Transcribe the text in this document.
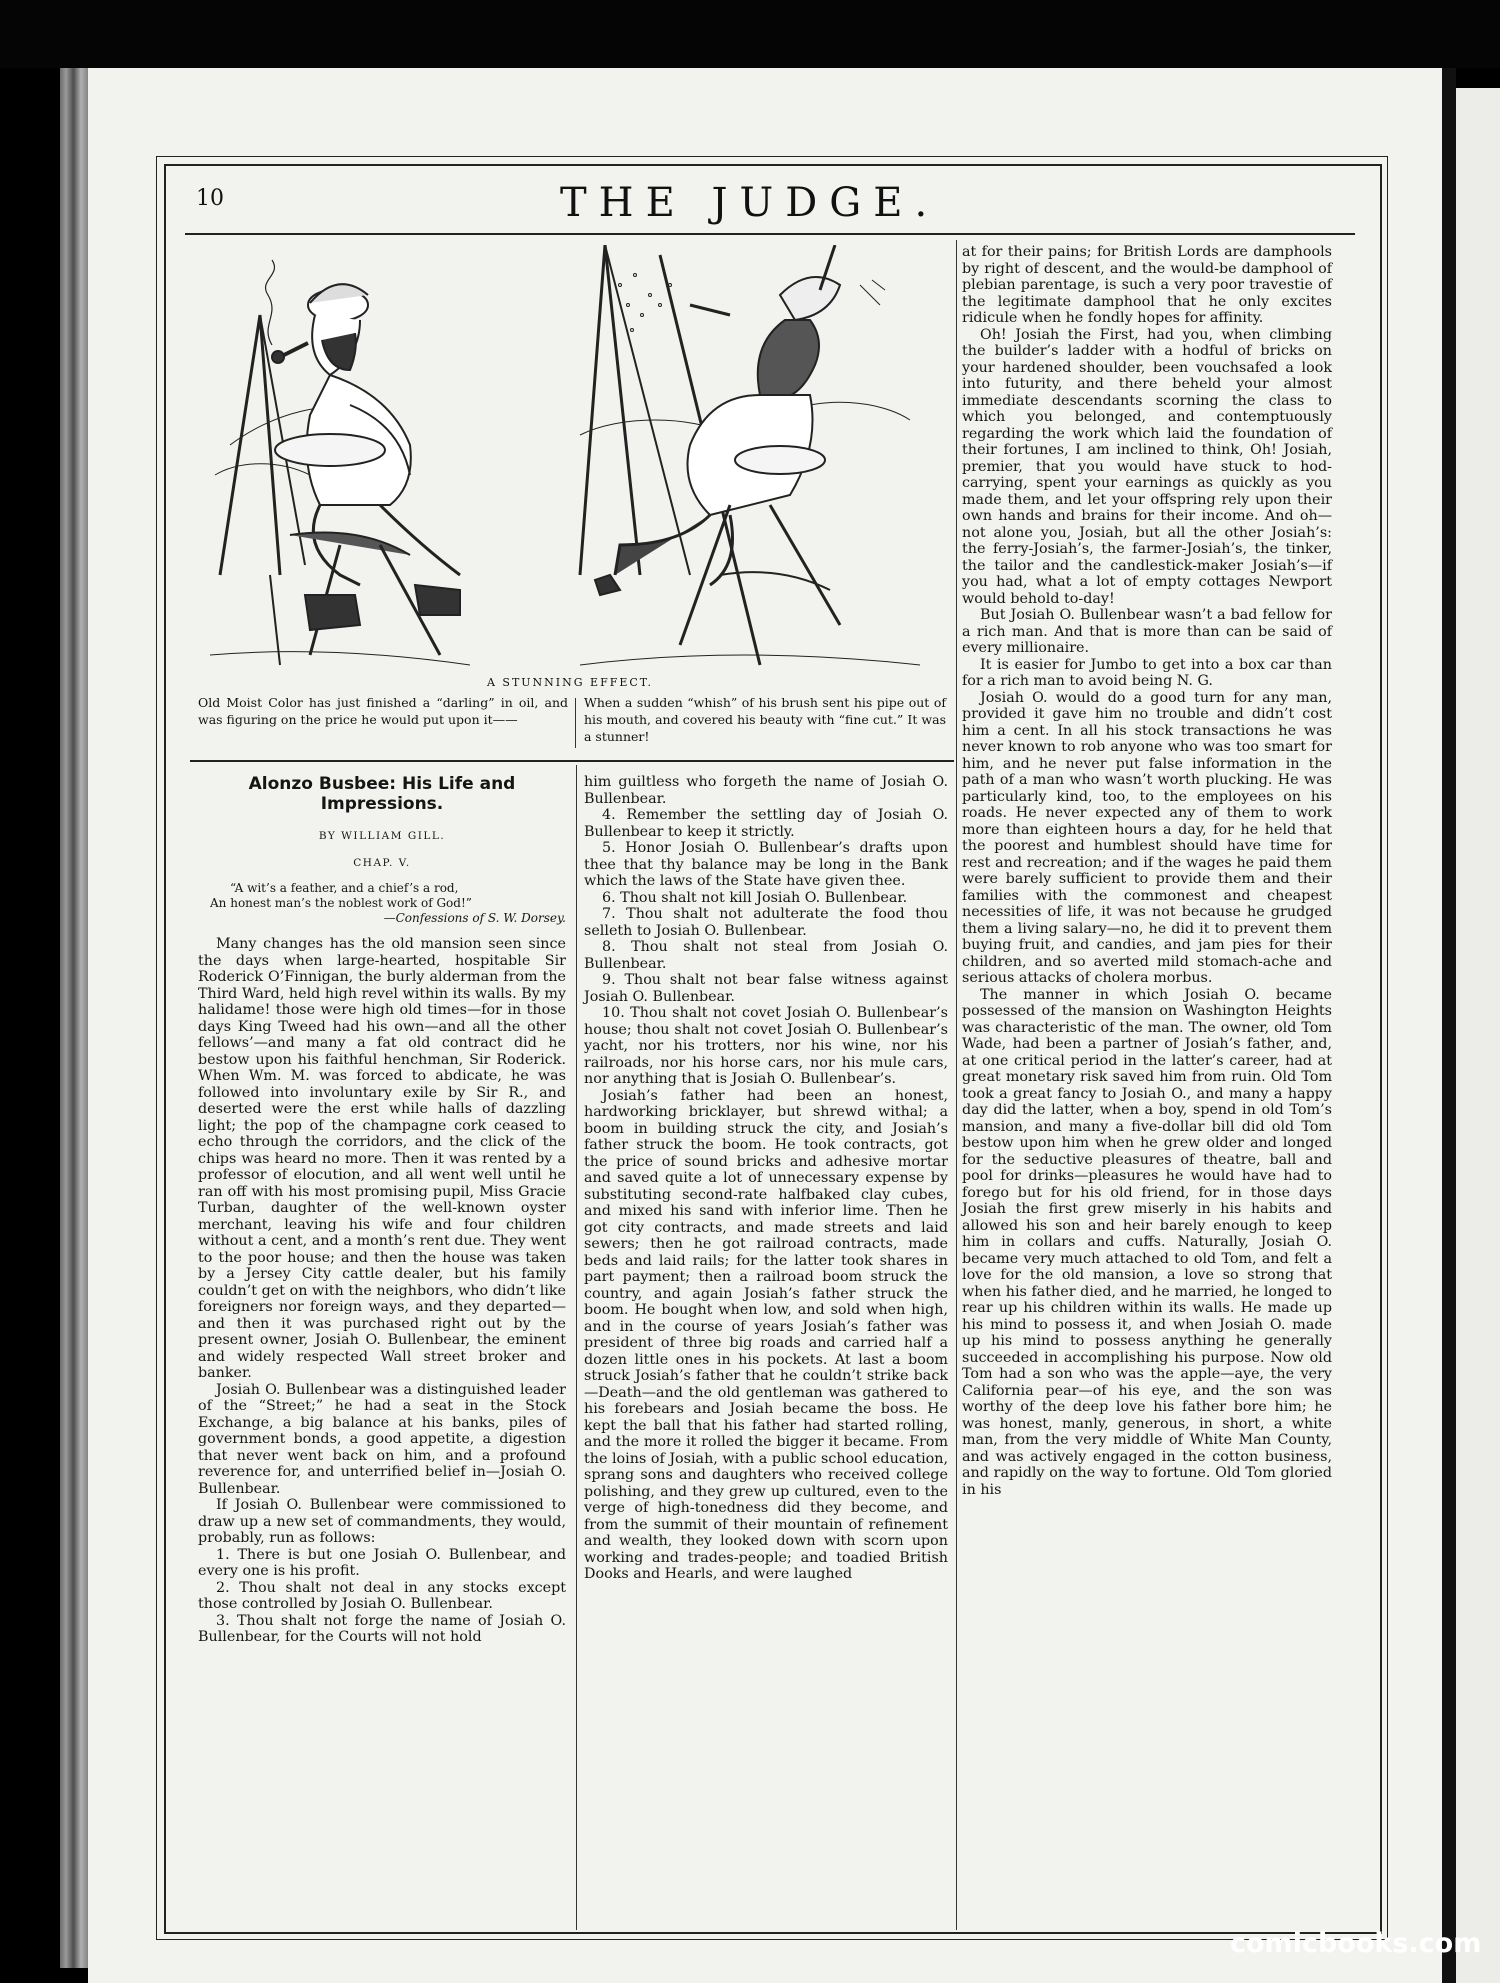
10	THE JUDGE.
A STUNNING EFFECT.
Old Moist Color has just finished a “darling” in oil, and was figuring on the price he would put upon it——
When a sudden “whish” of his brush sent his pipe out of his mouth, and covered his beauty with “fine cut.” It was a stunner!
Alonzo Busbee: His Life and Impressions.
BY WILLIAM GILL.
CHAP. V.
“A wit’s a feather, and a chief’s a rod,
An honest man’s the noblest work of God!”
—Confessions of S. W. Dorsey.

Many changes has the old mansion seen since the days when large-hearted, hospitable Sir Roderick O’Finnigan, the burly alderman from the Third Ward, held high revel within its walls. By my halidame! those were high old times—for in those days King Tweed had his own—and all the other fellows’—and many a fat old contract did he bestow upon his faithful henchman, Sir Roderick. When Wm. M. was forced to abdicate, he was followed into involuntary exile by Sir R., and deserted were the erst while halls of dazzling light; the pop of the champagne cork ceased to echo through the corridors, and the click of the chips was heard no more. Then it was rented by a professor of elocution, and all went well until he ran off with his most promising pupil, Miss Gracie Turban, daughter of the well-known oyster merchant, leaving his wife and four children without a cent, and a month’s rent due. They went to the poor house; and then the house was taken by a Jersey City cattle dealer, but his family couldn’t get on with the neighbors, who didn’t like foreigners nor foreign ways, and they departed—and then it was purchased right out by the present owner, Josiah O. Bullenbear, the eminent and widely respected Wall street broker and banker.

Josiah O. Bullenbear was a distinguished leader of the “Street;” he had a seat in the Stock Exchange, a big balance at his banks, piles of government bonds, a good appetite, a digestion that never went back on him, and a profound reverence for, and unterrified belief in—Josiah O. Bullenbear.

If Josiah O. Bullenbear were commissioned to draw up a new set of commandments, they would, probably, run as follows:

1. There is but one Josiah O. Bullenbear, and every one is his profit.

2. Thou shalt not deal in any stocks except those controlled by Josiah O. Bullenbear.

3. Thou shalt not forge the name of Josiah O. Bullenbear, for the Courts will not hold

him guiltless who forgeth the name of Josiah O. Bullenbear.

4. Remember the settling day of Josiah O. Bullenbear to keep it strictly.

5. Honor Josiah O. Bullenbear’s drafts upon thee that thy balance may be long in the Bank which the laws of the State have given thee.

6. Thou shalt not kill Josiah O. Bullenbear.

7. Thou shalt not adulterate the food thou selleth to Josiah O. Bullenbear.

8. Thou shalt not steal from Josiah O. Bullenbear.

9. Thou shalt not bear false witness against Josiah O. Bullenbear.

10. Thou shalt not covet Josiah O. Bullenbear’s house; thou shalt not covet Josiah O. Bullenbear’s yacht, nor his trotters, nor his wine, nor his railroads, nor his horse cars, nor his mule cars, nor anything that is Josiah O. Bullenbear’s.

Josiah’s father had been an honest, hardworking bricklayer, but shrewd withal; a boom in building struck the city, and Josiah’s father struck the boom. He took contracts, got the price of sound bricks and adhesive mortar and saved quite a lot of unnecessary expense by substituting second-rate halfbaked clay cubes, and mixed his sand with inferior lime. Then he got city contracts, and made streets and laid sewers; then he got railroad contracts, made beds and laid rails; for the latter took shares in part payment; then a railroad boom struck the country, and again Josiah’s father struck the boom. He bought when low, and sold when high, and in the course of years Josiah’s father was president of three big roads and carried half a dozen little ones in his pockets. At last a boom struck Josiah’s father that he couldn’t strike back—Death—and the old gentleman was gathered to his forebears and Josiah became the boss. He kept the ball that his father had started rolling, and the more it rolled the bigger it became. From the loins of Josiah, with a public school education, sprang sons and daughters who received college polishing, and they grew up cultured, even to the verge of high-tonedness did they become, and from the summit of their mountain of refinement and wealth, they looked down with scorn upon working and trades-people; and toadied British Dooks and Hearls, and were laughed

at for their pains; for British Lords are damphools by right of descent, and the would-be damphool of plebian parentage, is such a very poor travestie of the legitimate damphool that he only excites ridicule when he fondly hopes for affinity.

Oh! Josiah the First, had you, when climbing the builder’s ladder with a hodful of bricks on your hardened shoulder, been vouchsafed a look into futurity, and there beheld your almost immediate descendants scorning the class to which you belonged, and contemptuously regarding the work which laid the foundation of their fortunes, I am inclined to think, Oh! Josiah, premier, that you would have stuck to hod-carrying, spent your earnings as quickly as you made them, and let your offspring rely upon their own hands and brains for their income. And oh—not alone you, Josiah, but all the other Josiah’s: the ferry-Josiah’s, the farmer-Josiah’s, the tinker, the tailor and the candlestick-maker Josiah’s—if you had, what a lot of empty cottages Newport would behold to-day!

But Josiah O. Bullenbear wasn’t a bad fellow for a rich man. And that is more than can be said of every millionaire.

It is easier for Jumbo to get into a box car than for a rich man to avoid being N. G.

Josiah O. would do a good turn for any man, provided it gave him no trouble and didn’t cost him a cent. In all his stock transactions he was never known to rob anyone who was too smart for him, and he never put false information in the path of a man who wasn’t worth plucking. He was particularly kind, too, to the employees on his roads. He never expected any of them to work more than eighteen hours a day, for he held that the poorest and humblest should have time for rest and recreation; and if the wages he paid them were barely sufficient to provide them and their families with the commonest and cheapest necessities of life, it was not because he grudged them a living salary—no, he did it to prevent them buying fruit, and candies, and jam pies for their children, and so averted mild stomach-ache and serious attacks of cholera morbus.

The manner in which Josiah O. became possessed of the mansion on Washington Heights was characteristic of the man. The owner, old Tom Wade, had been a partner of Josiah’s father, and, at one critical period in the latter’s career, had at great monetary risk saved him from ruin. Old Tom took a great fancy to Josiah O., and many a happy day did the latter, when a boy, spend in old Tom’s mansion, and many a five-dollar bill did old Tom bestow upon him when he grew older and longed for the seductive pleasures of theatre, ball and pool for drinks—pleasures he would have had to forego but for his old friend, for in those days Josiah the first grew miserly in his habits and allowed his son and heir barely enough to keep him in collars and cuffs. Naturally, Josiah O. became very much attached to old Tom, and felt a love for the old mansion, a love so strong that when his father died, and he married, he longed to rear up his children within its walls. He made up his mind to possess it, and when Josiah O. made up his mind to possess anything he generally succeeded in accomplishing his purpose. Now old Tom had a son who was the apple—aye, the very California pear—of his eye, and the son was worthy of the deep love his father bore him; he was honest, manly, generous, in short, a white man, from the very middle of White Man County, and was actively engaged in the cotton business, and rapidly on the way to fortune. Old Tom gloried in his

comicbooks.com
